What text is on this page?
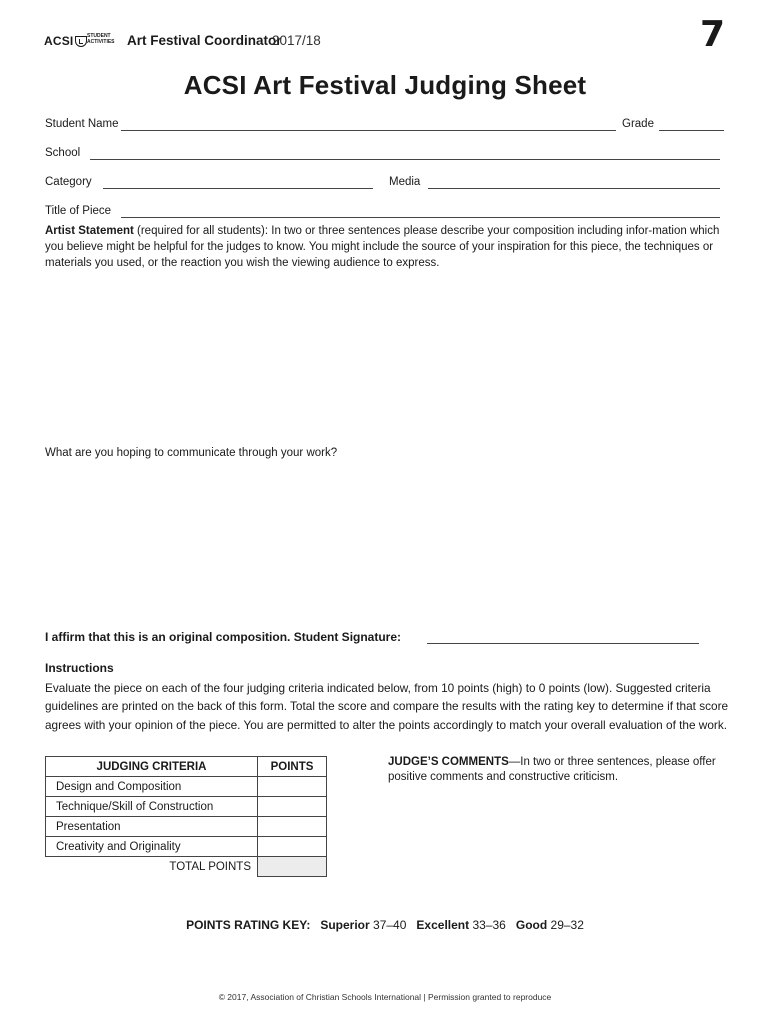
ACSI	STUDENT ACTIVITIES Art Festival Coordinator
2017/18	7
ACSI Art Festival Judging Sheet
Student Name	Grade
School
Category	Media
Title of Piece
Artist Statement (required for all students): In two or three sentences please describe your composition including infor-mation which you believe might be helpful for the judges to know. You might include the source of your inspiration for this piece, the techniques or materials you used, or the reaction you wish the viewing audience to express.
What are you hoping to communicate through your work?
I affirm that this is an original composition. Student Signature:
Instructions
Evaluate the piece on each of the four judging criteria indicated below, from 10 points (high) to 0 points (low). Suggested criteria guidelines are printed on the back of this form. Total the score and compare the results with the rating key to determine if that score agrees with your opinion of the piece. You are permitted to alter the points accordingly to match your overall evaluation of the work.
JUDGING CRITERIA	POINTS
Design and Composition	
Technique/Skill of Construction	
Presentation	
Creativity and Originality	
TOTAL POINTS	
JUDGE’S COMMENTS—In two or three sentences, please offer positive comments and constructive criticism.
POINTS RATING KEY: Superior 37–40 Excellent 33–36 Good 29–32
© 2017, Association of Christian Schools International | Permission granted to reproduce
